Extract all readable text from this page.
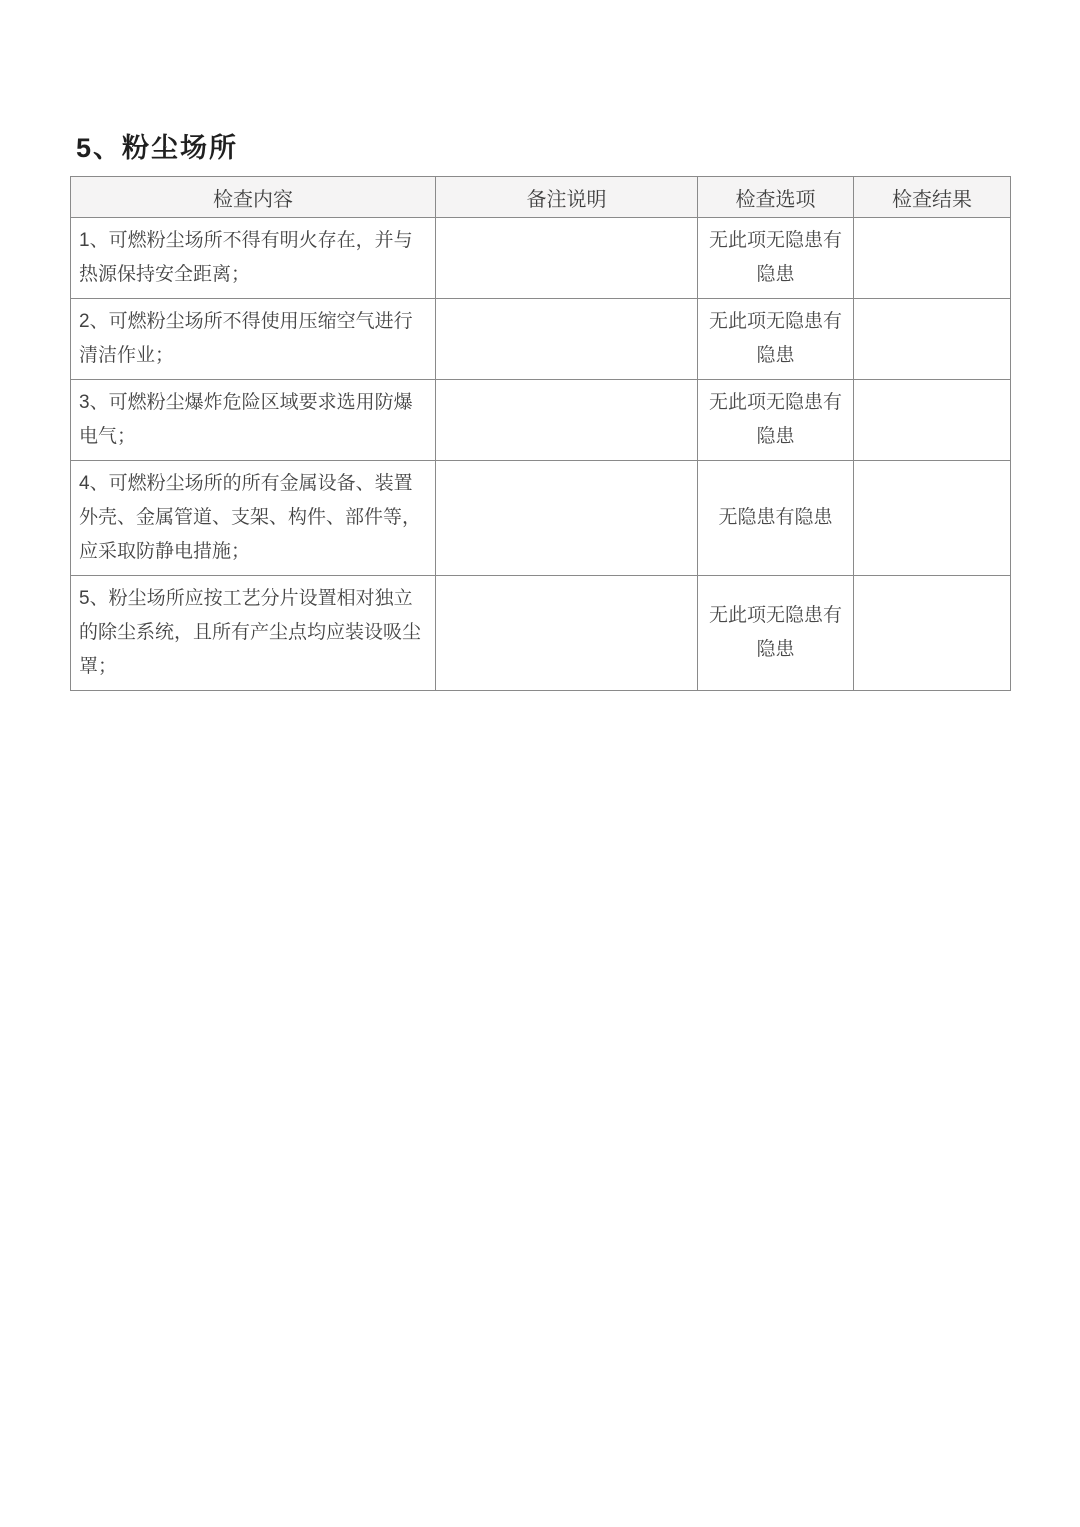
5、粉尘场所
检查内容	备注说明	检查选项	检查结果
1、可燃粉尘场所不得有明火存在，并与热源保持安全距离；		无此项无隐患有隐患	
2、可燃粉尘场所不得使用压缩空气进行清洁作业；		无此项无隐患有隐患	
3、可燃粉尘爆炸危险区域要求选用防爆电气；		无此项无隐患有隐患	
4、可燃粉尘场所的所有金属设备、装置外壳、金属管道、支架、构件、部件等，应采取防静电措施；		无隐患有隐患	
5、粉尘场所应按工艺分片设置相对独立的除尘系统，且所有产尘点均应装设吸尘罩；		无此项无隐患有隐患	
